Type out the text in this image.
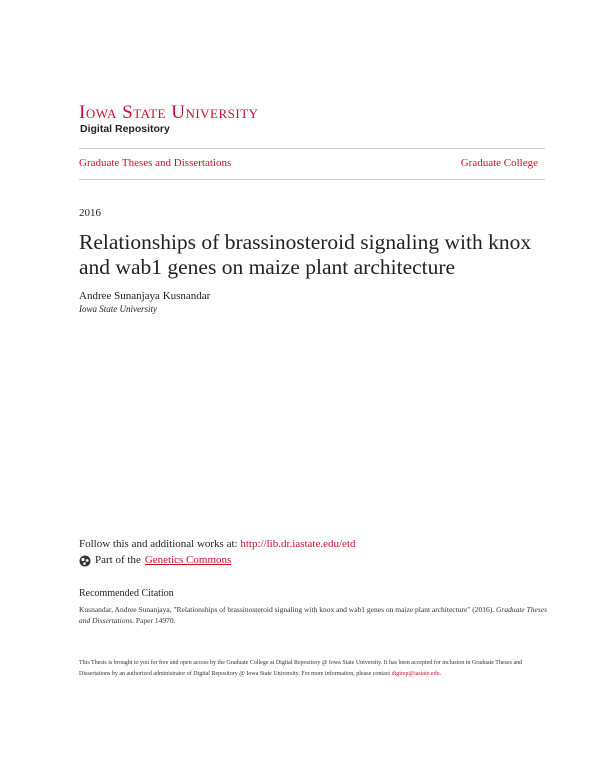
Iowa State University
Digital Repository
Graduate Theses and Dissertations	Graduate College
2016
Relationships of brassinosteroid signaling with knox and wab1 genes on maize plant architecture
Andree Sunanjaya Kusnandar
Iowa State University
Follow this and additional works at: http://lib.dr.iastate.edu/etd
Part of the Genetics Commons
Recommended Citation
Kusnandar, Andree Sunanjaya, "Relationships of brassinosteroid signaling with knox and wab1 genes on maize plant architecture" (2016). Graduate Theses and Dissertations. Paper 14970.
This Thesis is brought to you for free and open access by the Graduate College at Digital Repository @ Iowa State University. It has been accepted for inclusion in Graduate Theses and Dissertations by an authorized administrator of Digital Repository @ Iowa State University. For more information, please contact digirep@iastate.edu.
